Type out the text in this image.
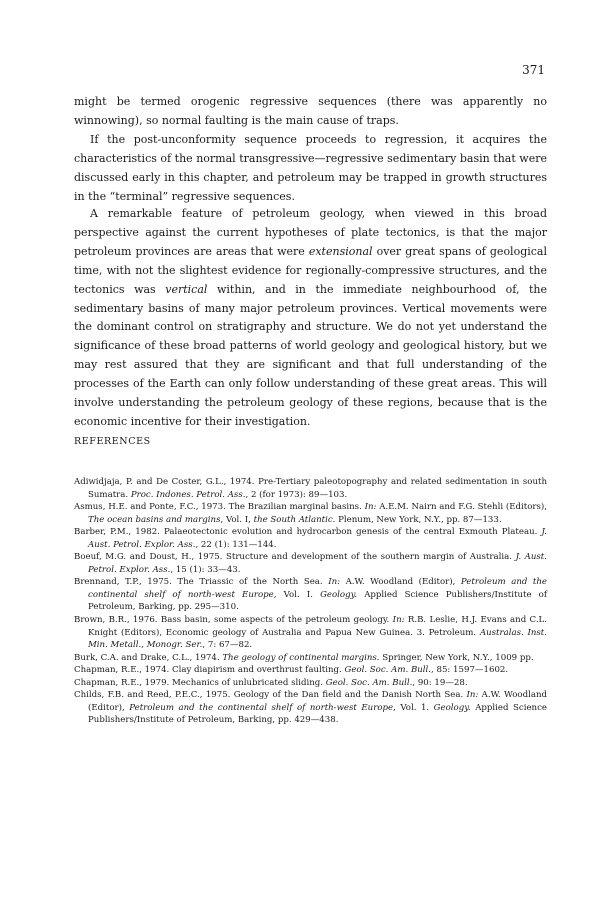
371

might be termed orogenic regressive sequences (there was apparently no winnowing), so normal faulting is the main cause of traps.

If the post-unconformity sequence proceeds to regression, it acquires the characteristics of the normal transgressive—regressive sedimentary basin that were discussed early in this chapter, and petroleum may be trapped in growth structures in the “terminal” regressive sequences.

A remarkable feature of petroleum geology, when viewed in this broad perspective against the current hypotheses of plate tectonics, is that the major petroleum provinces are areas that were extensional over great spans of geological time, with not the slightest evidence for regionally-compressive structures, and the tectonics was vertical within, and in the immediate neighbourhood of, the sedimentary basins of many major petroleum provinces. Vertical movements were the dominant control on stratigraphy and structure. We do not yet understand the significance of these broad patterns of world geology and geological history, but we may rest assured that they are significant and that full understanding of the processes of the Earth can only follow understanding of these great areas. This will involve understanding the petroleum geology of these regions, because that is the economic incentive for their investigation.

REFERENCES

Adiwidjaja, P. and De Coster, G.L., 1974. Pre-Tertiary paleotopography and related sedimentation in south Sumatra. Proc. Indones. Petrol. Ass., 2 (for 1973): 89—103.

Asmus, H.E. and Ponte, F.C., 1973. The Brazilian marginal basins. In: A.E.M. Nairn and F.G. Stehli (Editors), The ocean basins and margins, Vol. I, the South Atlantic. Plenum, New York, N.Y., pp. 87—133.

Barber, P.M., 1982. Palaeotectonic evolution and hydrocarbon genesis of the central Exmouth Plateau. J. Aust. Petrol. Explor. Ass., 22 (1): 131—144.

Boeuf, M.G. and Doust, H., 1975. Structure and development of the southern margin of Australia. J. Aust. Petrol. Explor. Ass., 15 (1): 33—43.

Brennand, T.P., 1975. The Triassic of the North Sea. In: A.W. Woodland (Editor), Petroleum and the continental shelf of north-west Europe, Vol. I. Geology. Applied Science Publishers/Institute of Petroleum, Barking, pp. 295—310.

Brown, B.R., 1976. Bass basin, some aspects of the petroleum geology. In: R.B. Leslie, H.J. Evans and C.L. Knight (Editors), Economic geology of Australia and Papua New Guinea. 3. Petroleum. Australas. Inst. Min. Metall., Monogr. Ser., 7: 67—82.

Burk, C.A. and Drake, C.L., 1974. The geology of continental margins. Springer, New York, N.Y., 1009 pp.

Chapman, R.E., 1974. Clay diapirism and overthrust faulting. Geol. Soc. Am. Bull., 85: 1597—1602.

Chapman, R.E., 1979. Mechanics of unlubricated sliding. Geol. Soc. Am. Bull., 90: 19—28.

Childs, F.B. and Reed, P.E.C., 1975. Geology of the Dan field and the Danish North Sea. In: A.W. Woodland (Editor), Petroleum and the continental shelf of north-west Europe, Vol. 1. Geology. Applied Science Publishers/Institute of Petroleum, Barking, pp. 429—438.
